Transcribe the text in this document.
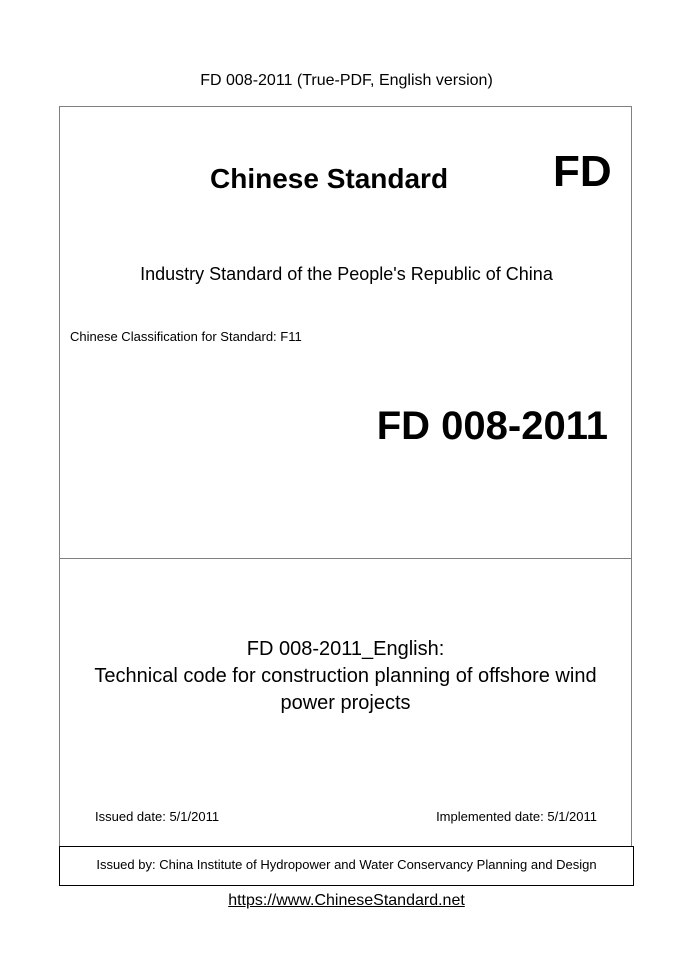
FD 008-2011 (True-PDF, English version)
Chinese Standard FD
Industry Standard of the People's Republic of China
Chinese Classification for Standard: F11
FD 008-2011
FD 008-2011_English:
Technical code for construction planning of offshore wind
power projects
Issued date: 5/1/2011	Implemented date: 5/1/2011
Issued by: China Institute of Hydropower and Water Conservancy Planning and Design
https://www.ChineseStandard.net
